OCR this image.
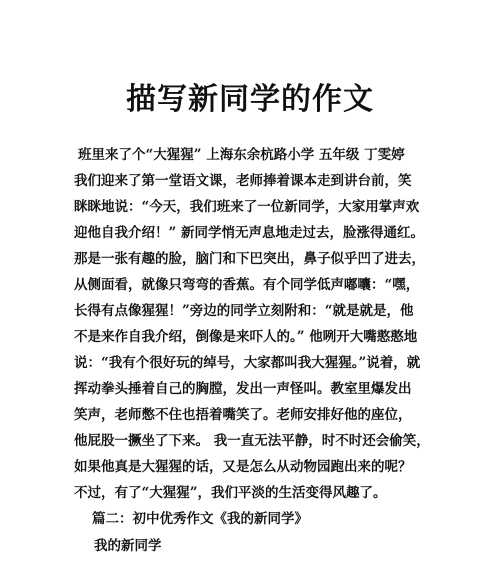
描写新同学的作文

班里来了个“大猩猩” 上海东余杭路小学 五年级 丁雯婷

我们迎来了第一堂语文课，老师捧着课本走到讲台前，笑

眯眯地说：“今天，我们班来了一位新同学，大家用掌声欢

迎他自我介绍！” 新同学悄无声息地走过去，脸涨得通红。

那是一张有趣的脸，脑门和下巴突出，鼻子似乎凹了进去，

从侧面看，就像只弯弯的香蕉。有个同学低声嘟囔：“嘿，

长得有点像猩猩！”旁边的同学立刻附和：“就是就是，他

不是来作自我介绍，倒像是来吓人的。” 他咧开大嘴憨憨地

说：“我有个很好玩的绰号，大家都叫我大猩猩。”说着，就

挥动拳头捶着自己的胸膛，发出一声怪叫。教室里爆发出

笑声，老师憋不住也捂着嘴笑了。老师安排好他的座位，

他屁股一撅坐了下来。 我一直无法平静，时不时还会偷笑，

如果他真是大猩猩的话，又是怎么从动物园跑出来的呢？

不过，有了“大猩猩”，我们平淡的生活变得风趣了。

篇二：初中优秀作文《我的新同学》

我的新同学
